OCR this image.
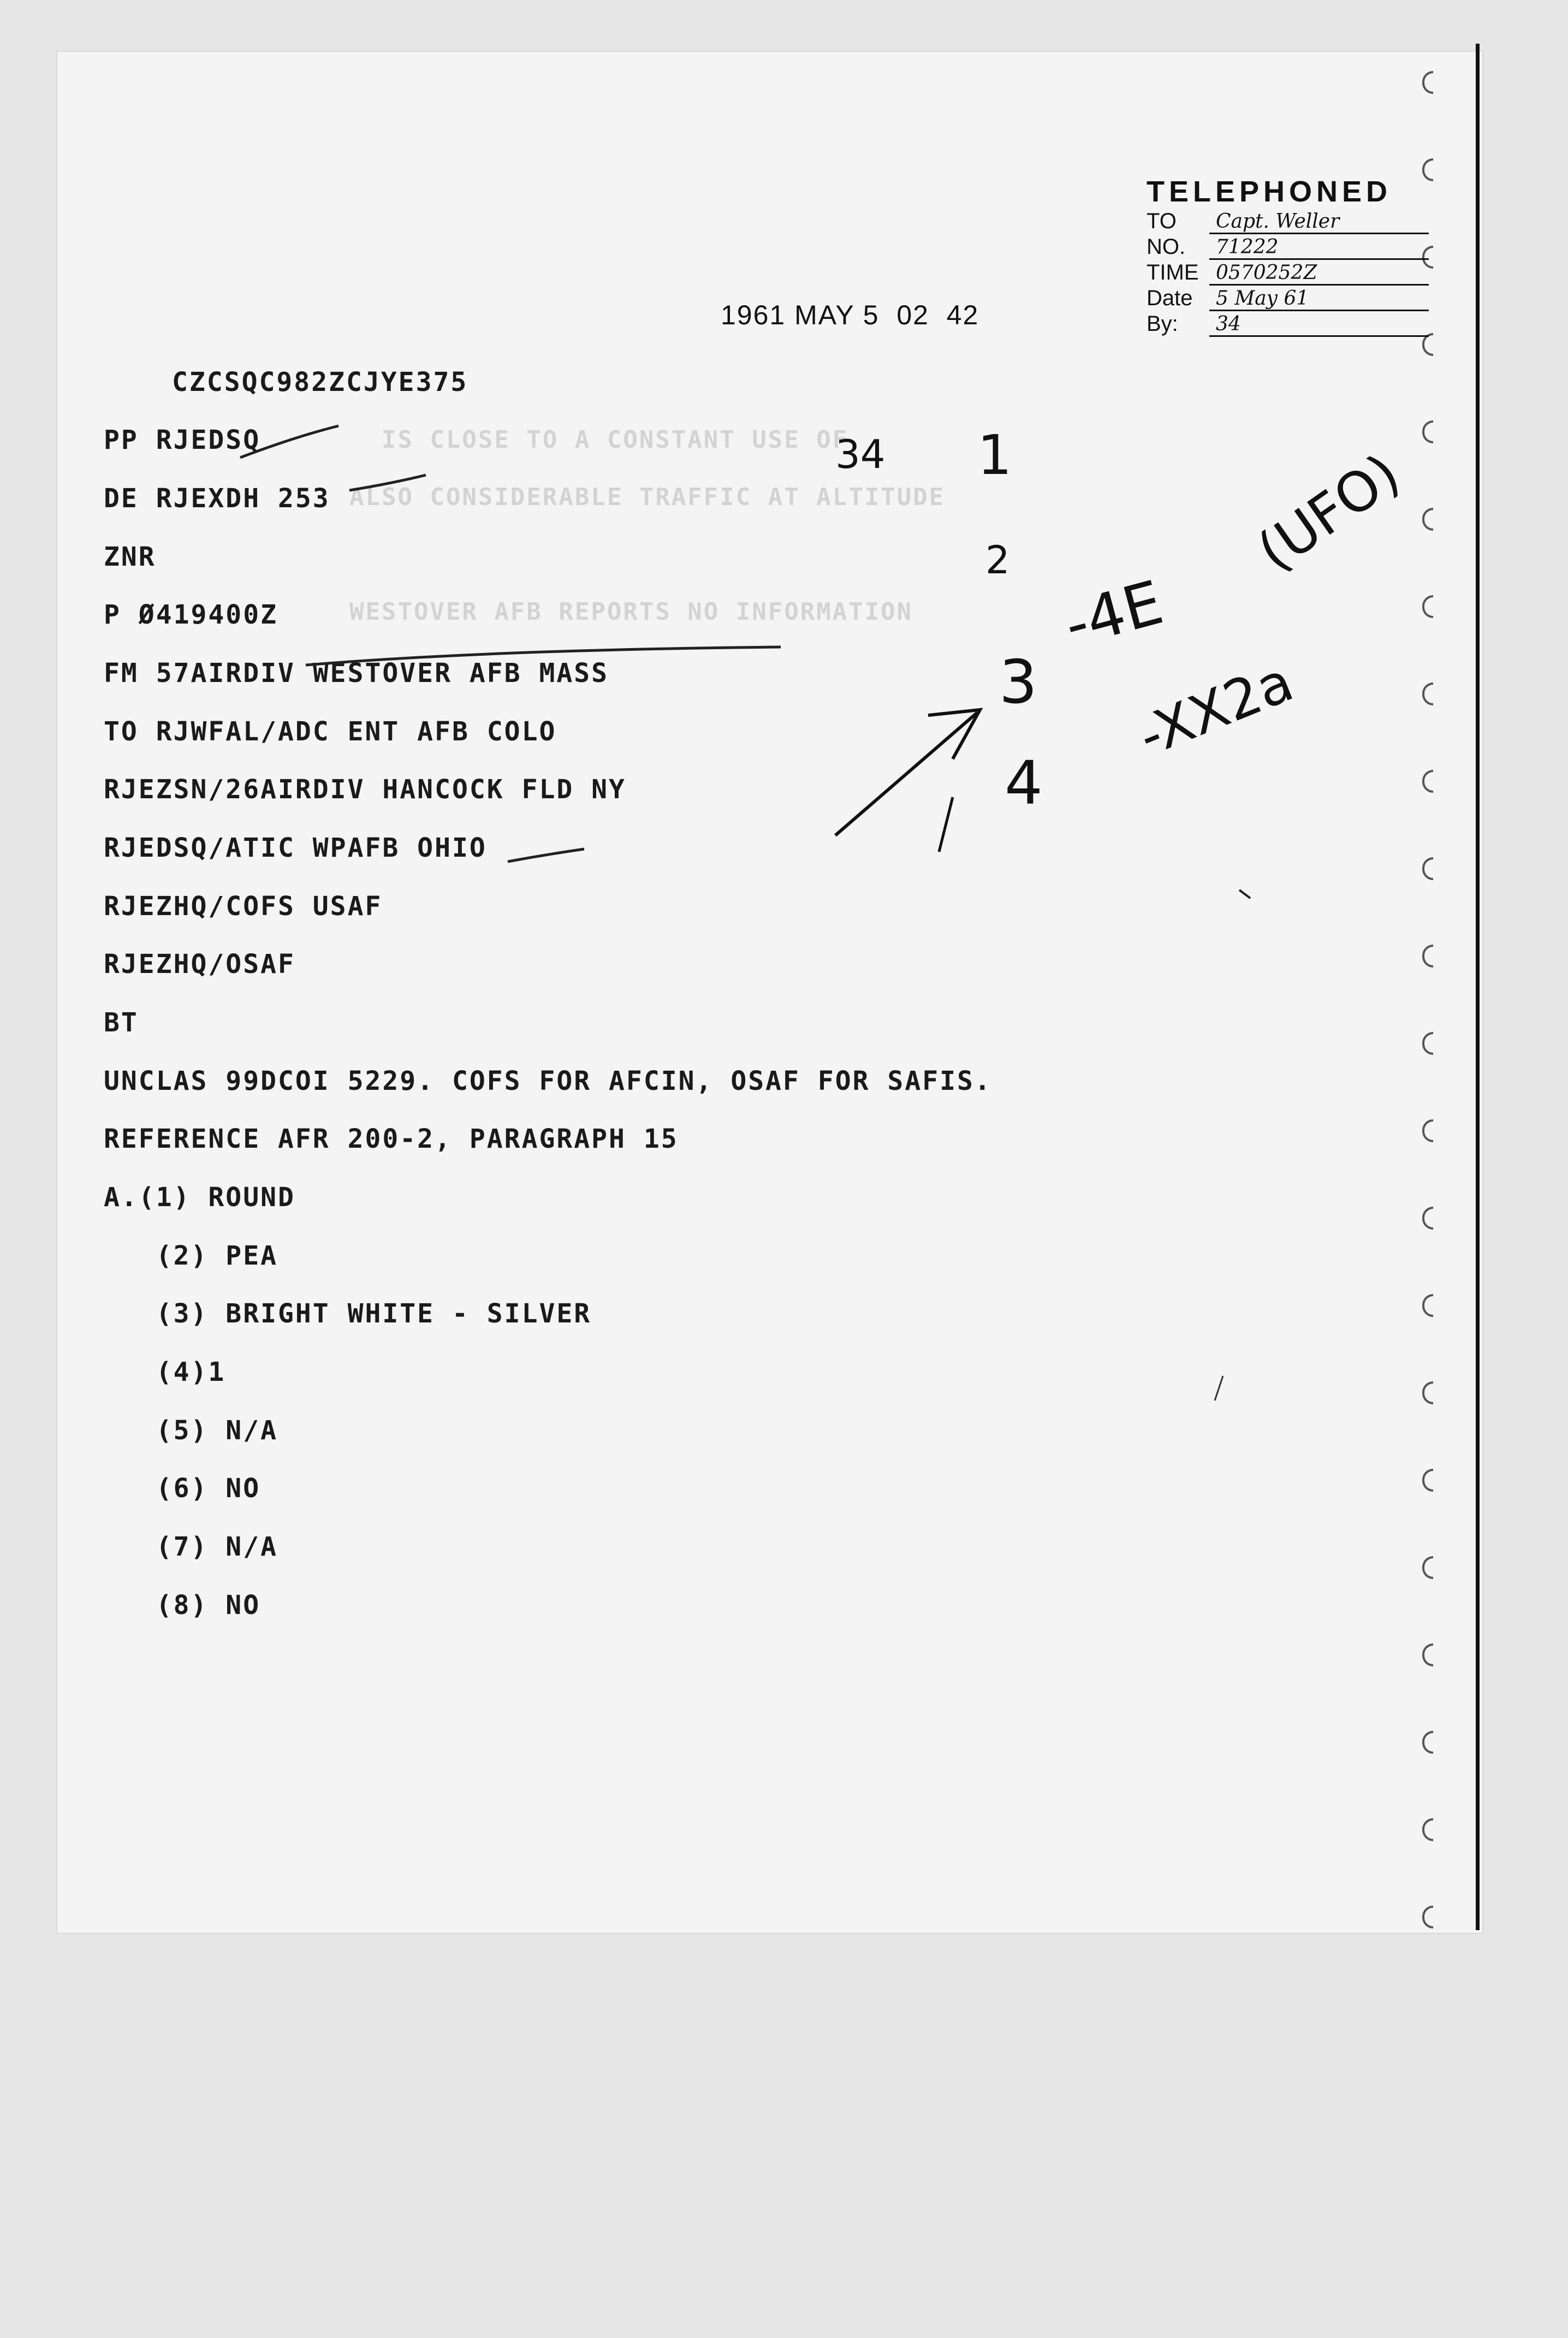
IS CLOSE TO A CONSTANT USE OF

ALSO CONSIDERABLE TRAFFIC AT ALTITUDE

WESTOVER AFB REPORTS NO INFORMATION

1961 MAY 5  02  42

TELEPHONED
TO	Capt. Weller
NO.	71222
TIME 0570252Z
Date	5 May 61
By:	34

CZCSQC982ZCJYE375

PP RJEDSQ

DE RJEXDH 253

ZNR

P Ø419400Z

FM 57AIRDIV WESTOVER AFB MASS

TO RJWFAL/ADC ENT AFB COLO

RJEZSN/26AIRDIV HANCOCK FLD NY

RJEDSQ/ATIC WPAFB OHIO

RJEZHQ/COFS USAF

RJEZHQ/OSAF

BT

UNCLAS 99DCOI 5229. COFS FOR AFCIN, OSAF FOR SAFIS.

REFERENCE AFR 200-2, PARAGRAPH 15

A.(1) ROUND

(2) PEA

(3) BRIGHT WHITE - SILVER

(4)1

(5) N/A

(6) NO

(7) N/A

(8) NO

34 1

2

3

4

-4E

(UFO)

-XX2a
